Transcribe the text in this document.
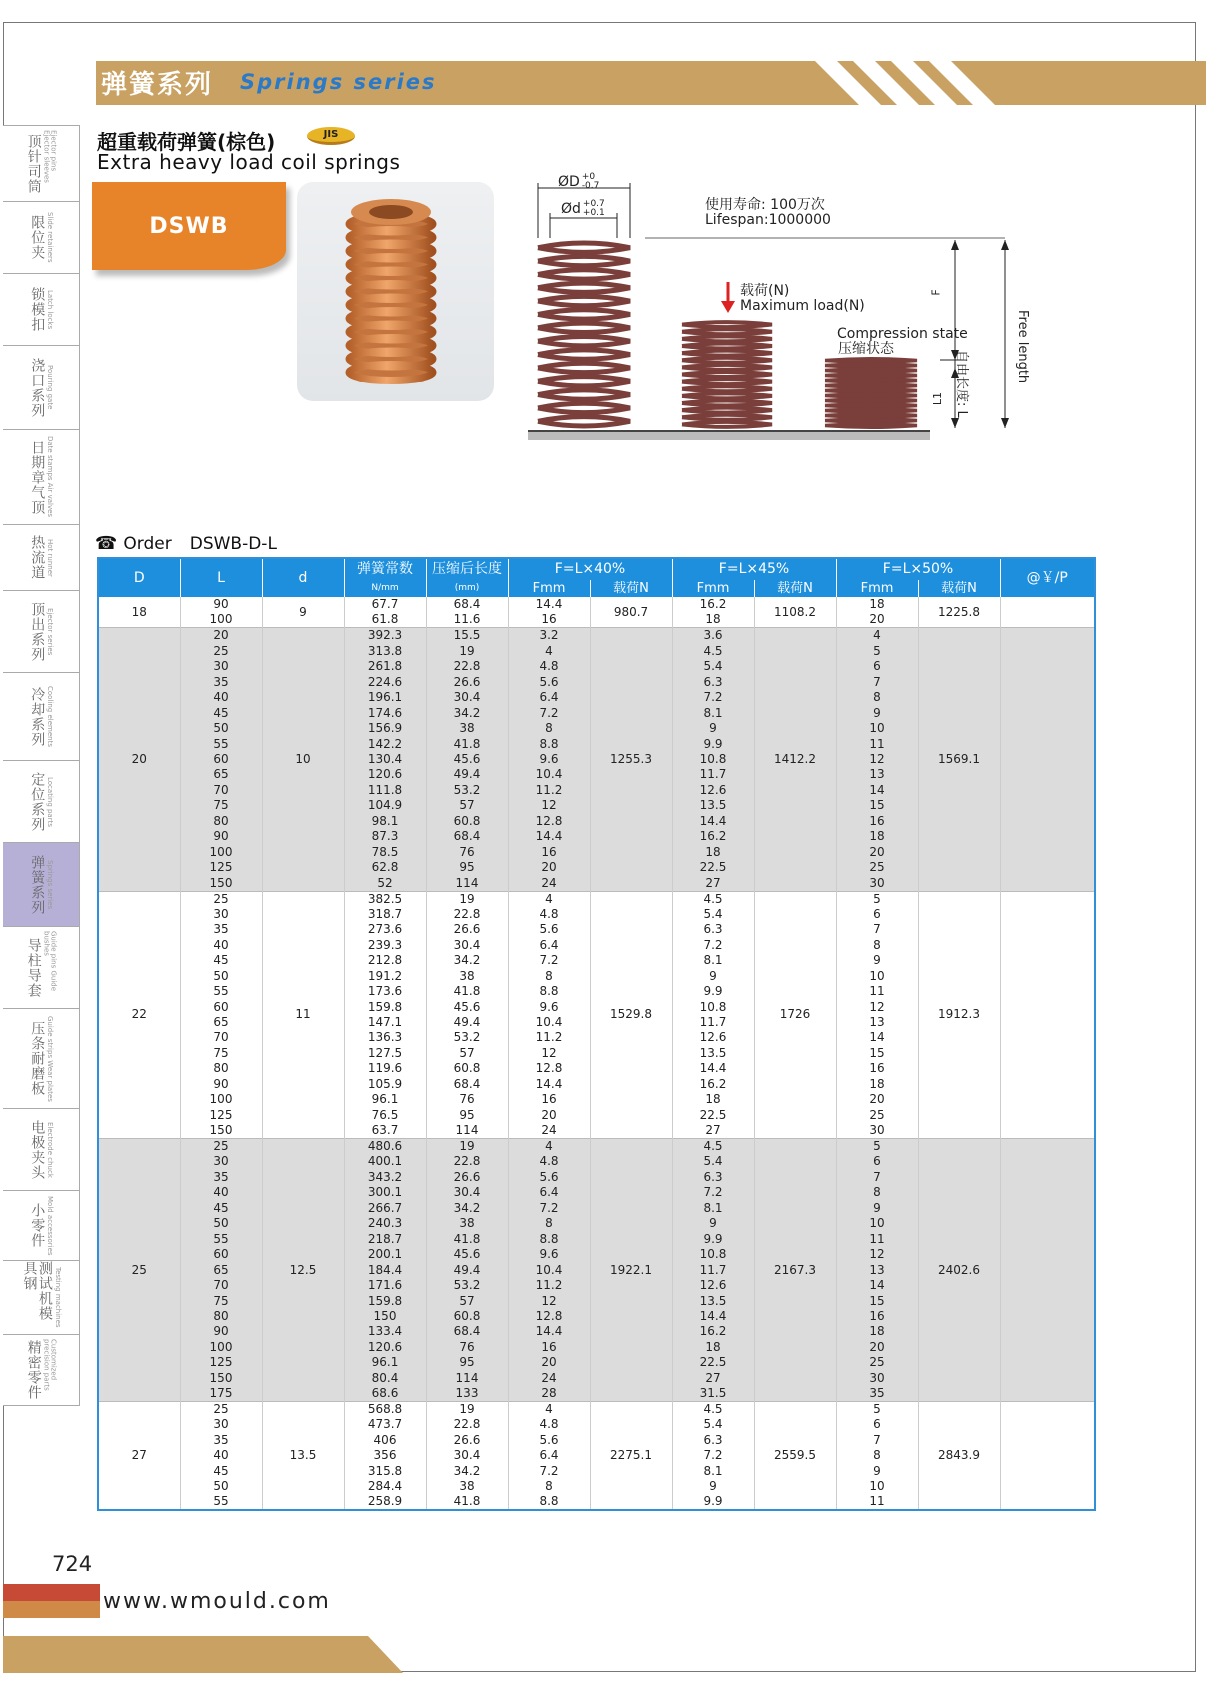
弹簧系列 Springs series
顶针司筒	Ejector pins Ejector sleeves
限位夹 Slide retainers
锁模扣 Latch locks
浇口系列 Pouring gate
日期章气顶 Date stamps Air valves
热流道 Hot runner
顶出系列 Ejector series
冷却系列 Cooling elements
定位系列 Locating parts
弹簧系列 Springs series
导柱导套	Guide pins Guide bushes
压条耐磨板 Guide strips Wear plates
电极夹头 Electrode chuck
小零件 Mold accessories
测试机模具钢	Testing machines
精密零件	Customized precision parts
超重载荷弹簧(棕色)	JIS
Extra heavy load coil springs
DSWB
ØD +0
-0.7
Ød +0.7
+0.1	使用寿命: 100万次
Lifespan:1000000
载荷(N)
Maximum load(N)
Compression state
压缩状态
F
L1 自由长度: L
Free length
☎ Order DSWB-D-L
D	L	d	弹簧常数	压缩后长度	F=L×40%		F=L×45%		F=L×50%		@￥/P
			N/mm	(mm)	Fmm	载荷N	Fmm	载荷N	Fmm	载荷N	
18	90	9	67.7	68.4	14.4	980.7	16.2	1108.2	18	1225.8	
	100		61.8	11.6	16		18		20		
20	20	10	392.3	15.5	3.2	1255.3	3.6	1412.2	4	1569.1	
	25		313.8	19	4		4.5		5		
	30		261.8	22.8	4.8		5.4		6		
	35		224.6	26.6	5.6		6.3		7		
	40		196.1	30.4	6.4		7.2		8		
	45		174.6	34.2	7.2		8.1		9		
	50		156.9	38	8		9		10		
	55		142.2	41.8	8.8		9.9		11		
	60		130.4	45.6	9.6		10.8		12		
	65		120.6	49.4	10.4		11.7		13		
	70		111.8	53.2	11.2		12.6		14		
	75		104.9	57	12		13.5		15		
	80		98.1	60.8	12.8		14.4		16		
	90		87.3	68.4	14.4		16.2		18		
	100		78.5	76	16		18		20		
	125		62.8	95	20		22.5		25		
	150		52	114	24		27		30		
22	25	11	382.5	19	4	1529.8	4.5	1726	5	1912.3	
	30		318.7	22.8	4.8		5.4		6		
	35		273.6	26.6	5.6		6.3		7		
	40		239.3	30.4	6.4		7.2		8		
	45		212.8	34.2	7.2		8.1		9		
	50		191.2	38	8		9		10		
	55		173.6	41.8	8.8		9.9		11		
	60		159.8	45.6	9.6		10.8		12		
	65		147.1	49.4	10.4		11.7		13		
	70		136.3	53.2	11.2		12.6		14		
	75		127.5	57	12		13.5		15		
	80		119.6	60.8	12.8		14.4		16		
	90		105.9	68.4	14.4		16.2		18		
	100		96.1	76	16		18		20		
	125		76.5	95	20		22.5		25		
	150		63.7	114	24		27		30		
25	25	12.5	480.6	19	4	1922.1	4.5	2167.3	5	2402.6	
	30		400.1	22.8	4.8		5.4		6		
	35		343.2	26.6	5.6		6.3		7		
	40		300.1	30.4	6.4		7.2		8		
	45		266.7	34.2	7.2		8.1		9		
	50		240.3	38	8		9		10		
	55		218.7	41.8	8.8		9.9		11		
	60		200.1	45.6	9.6		10.8		12		
	65		184.4	49.4	10.4		11.7		13		
	70		171.6	53.2	11.2		12.6		14		
	75		159.8	57	12		13.5		15		
	80		150	60.8	12.8		14.4		16		
	90		133.4	68.4	14.4		16.2		18		
	100		120.6	76	16		18		20		
	125		96.1	95	20		22.5		25		
	150		80.4	114	24		27		30		
	175		68.6	133	28		31.5		35		
27	25	13.5	568.8	19	4	2275.1	4.5	2559.5	5	2843.9	
	30		473.7	22.8	4.8		5.4		6		
	35		406	26.6	5.6		6.3		7		
	40		356	30.4	6.4		7.2		8		
	45		315.8	34.2	7.2		8.1		9		
	50		284.4	38	8		9		10		
	55		258.9	41.8	8.8		9.9		11		
724
www.wmould.com
